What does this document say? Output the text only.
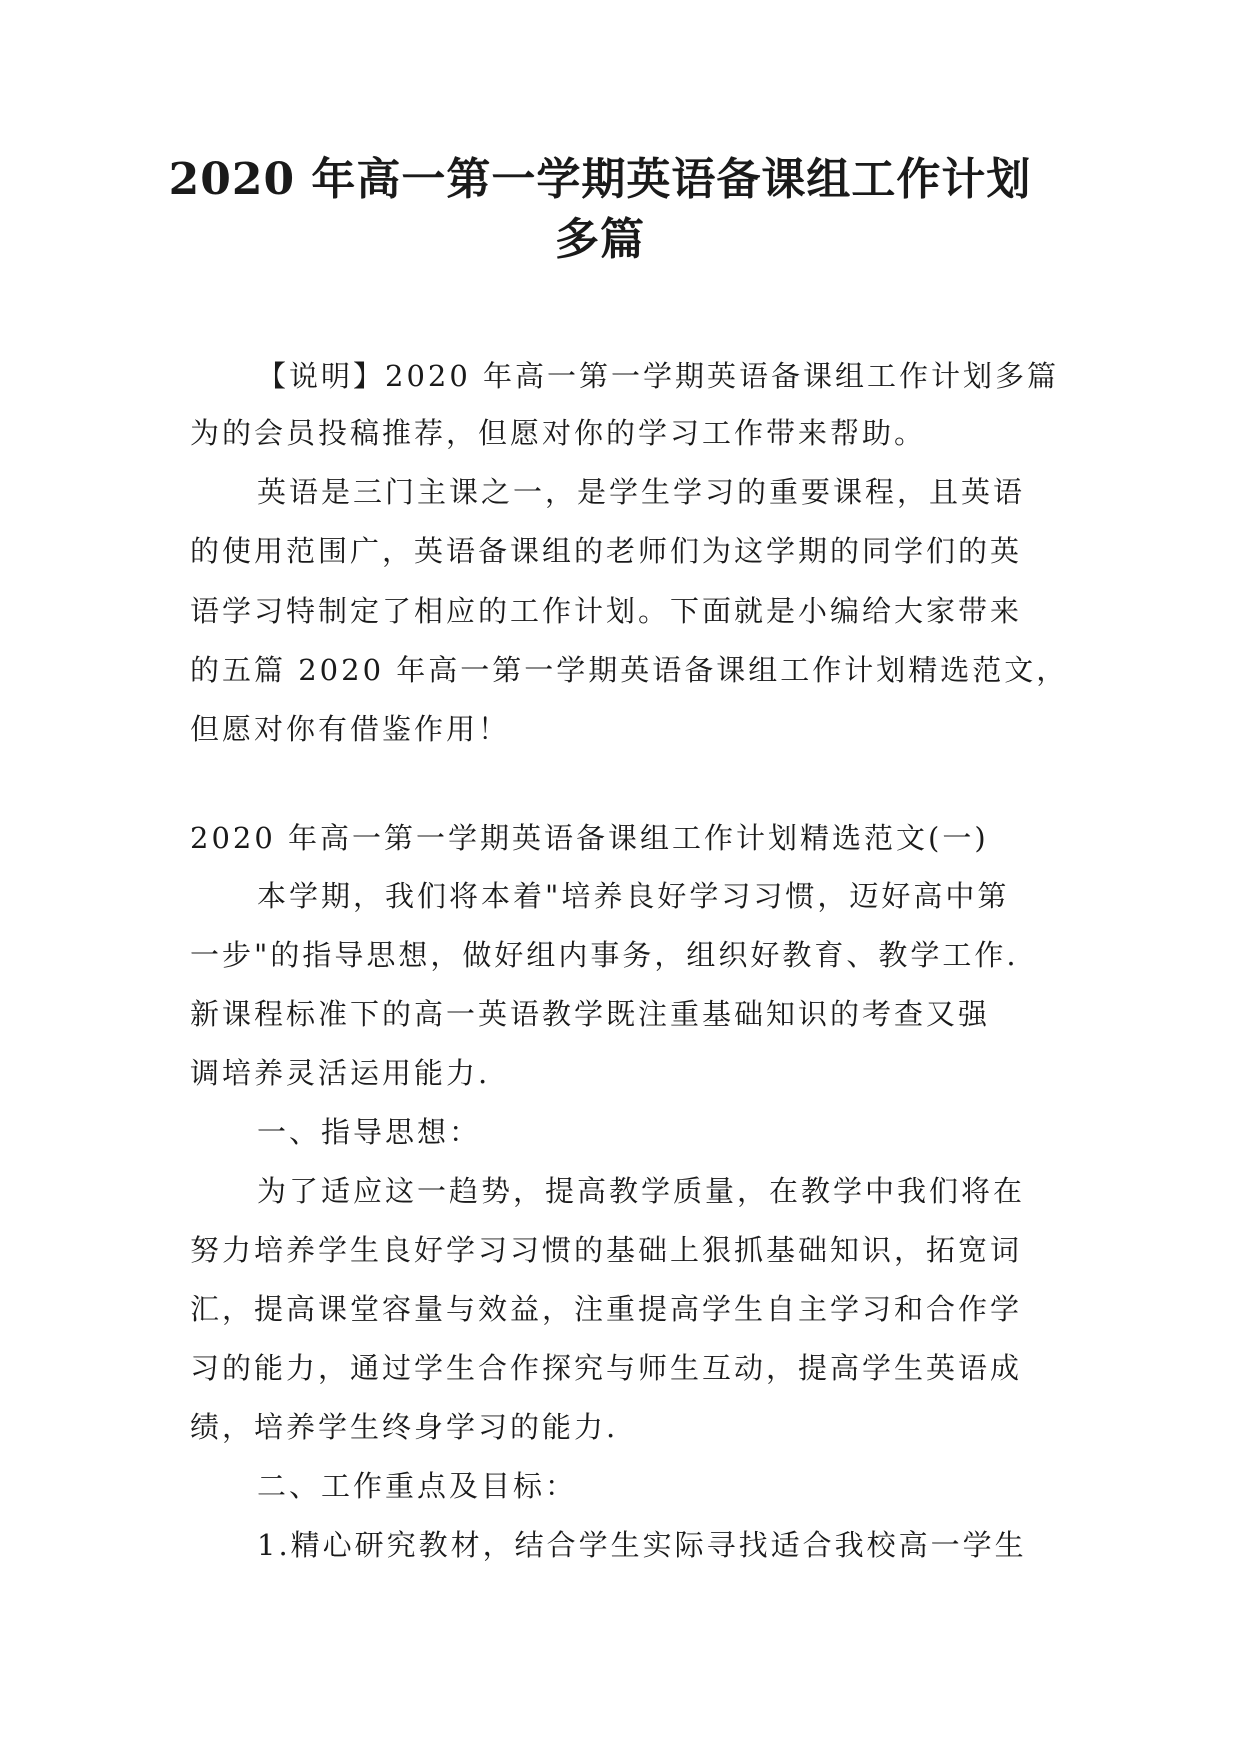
2020 年高一第一学期英语备课组工作计划
多篇

【说明】2020 年高一第一学期英语备课组工作计划多篇

为的会员投稿推荐，但愿对你的学习工作带来帮助。

英语是三门主课之一，是学生学习的重要课程，且英语

的使用范围广，英语备课组的老师们为这学期的同学们的英

语学习特制定了相应的工作计划。下面就是小编给大家带来

的五篇 2020 年高一第一学期英语备课组工作计划精选范文，

但愿对你有借鉴作用！

2020 年高一第一学期英语备课组工作计划精选范文(一)

本学期，我们将本着"培养良好学习习惯，迈好高中第

一步"的指导思想，做好组内事务，组织好教育、教学工作.

新课程标准下的高一英语教学既注重基础知识的考查又强

调培养灵活运用能力.

一、指导思想：

为了适应这一趋势，提高教学质量，在教学中我们将在

努力培养学生良好学习习惯的基础上狠抓基础知识，拓宽词

汇，提高课堂容量与效益，注重提高学生自主学习和合作学

习的能力，通过学生合作探究与师生互动，提高学生英语成

绩，培养学生终身学习的能力.

二、工作重点及目标：

1.精心研究教材，结合学生实际寻找适合我校高一学生
